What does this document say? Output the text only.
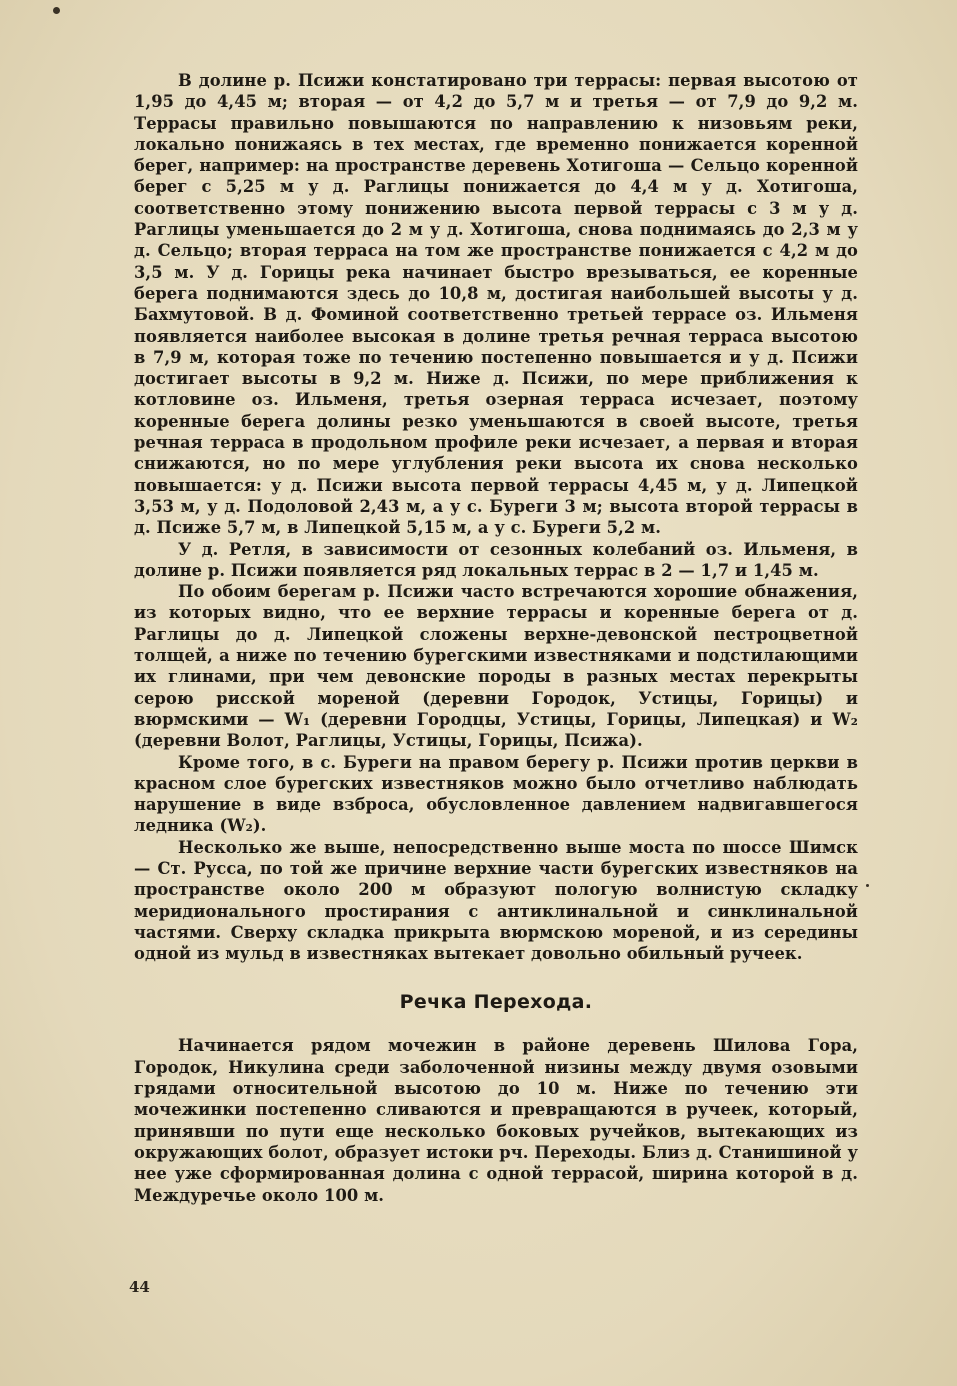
В долине р. Псижи констатировано три террасы: первая высотою от 1,95 до 4,45 м; вторая — от 4,2 до 5,7 м и третья — от 7,9 до 9,2 м. Террасы правильно повышаются по направлению к низовьям реки, локально понижаясь в тех местах, где временно понижается коренной берег, например: на пространстве деревень Хотигоша — Сельцо коренной берег с 5,25 м у д. Раглицы понижается до 4,4 м у д. Хотигоша, соответственно этому понижению высота первой террасы с 3 м у д. Раглицы уменьшается до 2 м у д. Хотигоша, снова поднимаясь до 2,3 м у д. Сельцо; вторая терраса на том же пространстве понижается с 4,2 м до 3,5 м. У д. Горицы река начинает быстро врезываться, ее коренные берега поднимаются здесь до 10,8 м, достигая наибольшей высоты у д. Бахмутовой. В д. Фоминой соответственно третьей террасе оз. Ильменя появляется наиболее высокая в долине третья речная терраса высотою в 7,9 м, которая тоже по течению постепенно повышается и у д. Псижи достигает высоты в 9,2 м. Ниже д. Псижи, по мере приближения к котловине оз. Ильменя, третья озерная терраса исчезает, поэтому коренные берега долины резко уменьшаются в своей высоте, третья речная терраса в продольном профиле реки исчезает, а первая и вторая снижаются, но по мере углубления реки высота их снова несколько повышается: у д. Псижи высота первой террасы 4,45 м, у д. Липецкой 3,53 м, у д. Подоловой 2,43 м, а у с. Буреги 3 м; высота второй террасы в д. Псиже 5,7 м, в Липецкой 5,15 м, а у с. Буреги 5,2 м.

У д. Ретля, в зависимости от сезонных колебаний оз. Ильменя, в долине р. Псижи появляется ряд локальных террас в 2 — 1,7 и 1,45 м.

По обоим берегам р. Псижи часто встречаются хорошие обнажения, из которых видно, что ее верхние террасы и коренные берега от д. Раглицы до д. Липецкой сложены верхне-девонской пестроцветной толщей, а ниже по течению бурегскими известняками и подстилающими их глинами, при чем девонские породы в разных местах перекрыты серою рисской мореной (деревни Городок, Устицы, Горицы) и вюрмскими — W₁ (деревни Городцы, Устицы, Горицы, Липецкая) и W₂ (деревни Волот, Раглицы, Устицы, Горицы, Псижа).

Кроме того, в с. Буреги на правом берегу р. Псижи против церкви в красном слое бурегских известняков можно было отчетливо наблюдать нарушение в виде взброса, обусловленное давлением надвигавшегося ледника (W₂).

Несколько же выше, непосредственно выше моста по шоссе Шимск — Ст. Русса, по той же причине верхние части бурегских известняков на пространстве около 200 м образуют пологую волнистую складку меридионального простирания с антиклинальной и синклинальной частями. Сверху складка прикрыта вюрмскою мореной, и из середины одной из мульд в известняках вытекает довольно обильный ручеек.

Речка Перехода.

Начинается рядом мочежин в районе деревень Шилова Гора, Городок, Никулина среди заболоченной низины между двумя озовыми грядами относительной высотою до 10 м. Ниже по течению эти мочежинки постепенно сливаются и превращаются в ручеек, который, принявши по пути еще несколько боковых ручейков, вытекающих из окружающих болот, образует истоки рч. Переходы. Близ д. Станишиной у нее уже сформированная долина с одной террасой, ширина которой в д. Междуречье около 100 м.

44
